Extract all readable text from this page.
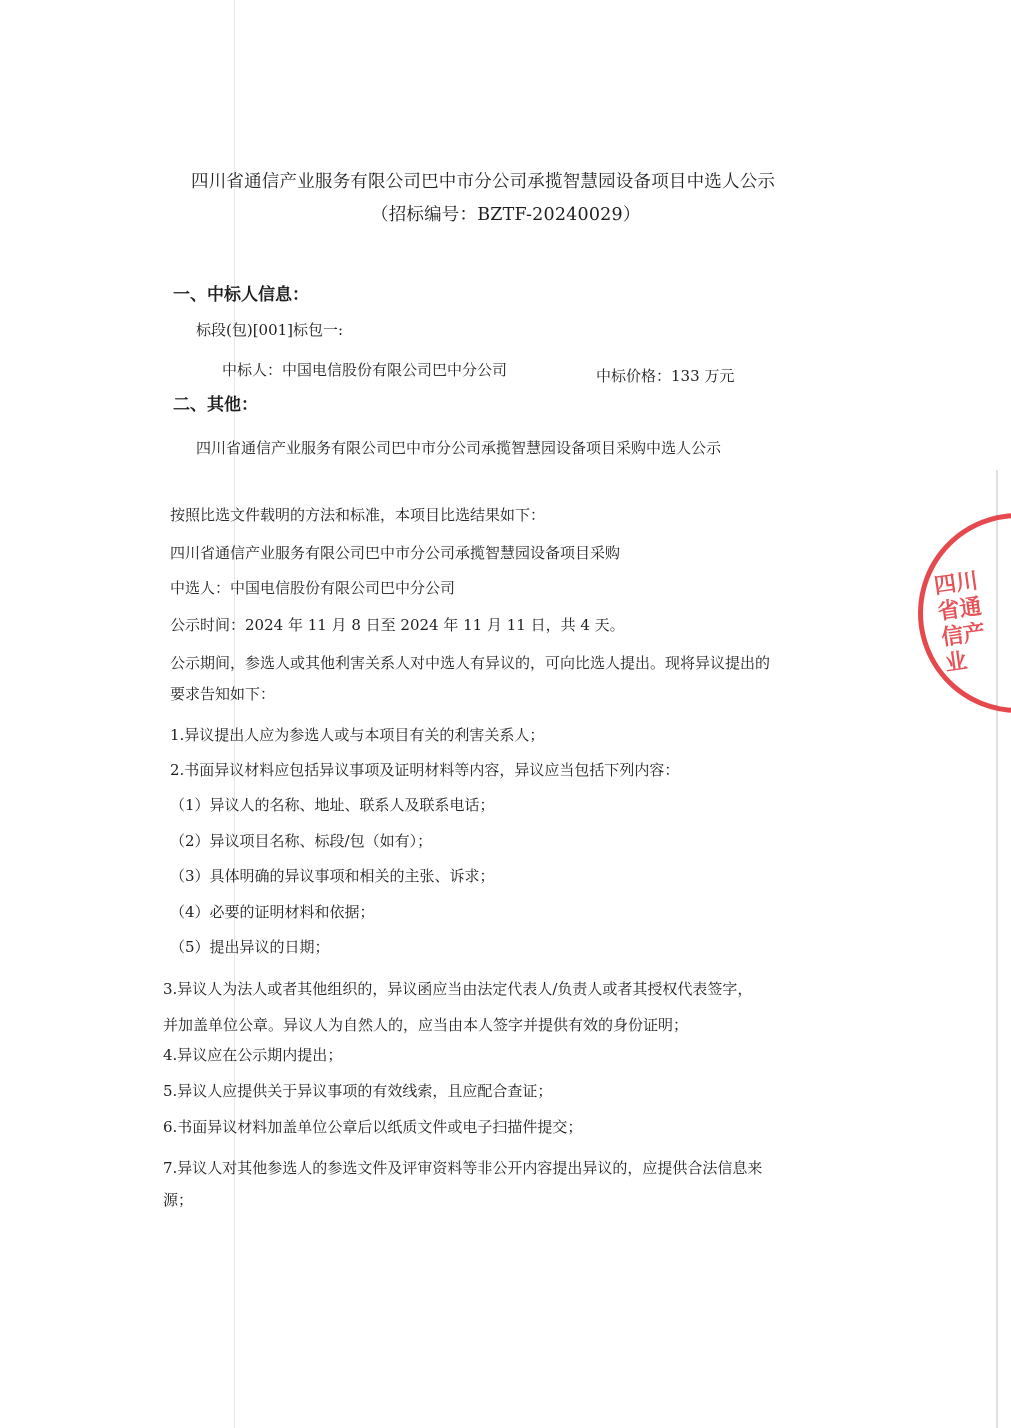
四川省通信产业服务有限公司巴中市分公司承揽智慧园设备项目中选人公示
（招标编号：BZTF-20240029）
一、中标人信息：
标段(包)[001]标包一:
中标人：中国电信股份有限公司巴中分公司	中标价格：133 万元
二、其他：
四川省通信产业服务有限公司巴中市分公司承揽智慧园设备项目采购中选人公示
按照比选文件载明的方法和标准，本项目比选结果如下：
四川省通信产业服务有限公司巴中市分公司承揽智慧园设备项目采购
中选人：中国电信股份有限公司巴中分公司
公示时间：2024 年 11 月 8 日至 2024 年 11 月 11 日，共 4 天。
公示期间，参选人或其他利害关系人对中选人有异议的，可向比选人提出。现将异议提出的
要求告知如下：
1.异议提出人应为参选人或与本项目有关的利害关系人；
2.书面异议材料应包括异议事项及证明材料等内容，异议应当包括下列内容：
（1）异议人的名称、地址、联系人及联系电话；
（2）异议项目名称、标段/包（如有）；
（3）具体明确的异议事项和相关的主张、诉求；
（4）必要的证明材料和依据；
（5）提出异议的日期；
3.异议人为法人或者其他组织的，异议函应当由法定代表人/负责人或者其授权代表签字，
并加盖单位公章。异议人为自然人的，应当由本人签字并提供有效的身份证明；
4.异议应在公示期内提出；
5.异议人应提供关于异议事项的有效线索，且应配合查证；
6.书面异议材料加盖单位公章后以纸质文件或电子扫描件提交；
7.异议人对其他参选人的参选文件及评审资料等非公开内容提出异议的，应提供合法信息来
源；
四川省通信产业
